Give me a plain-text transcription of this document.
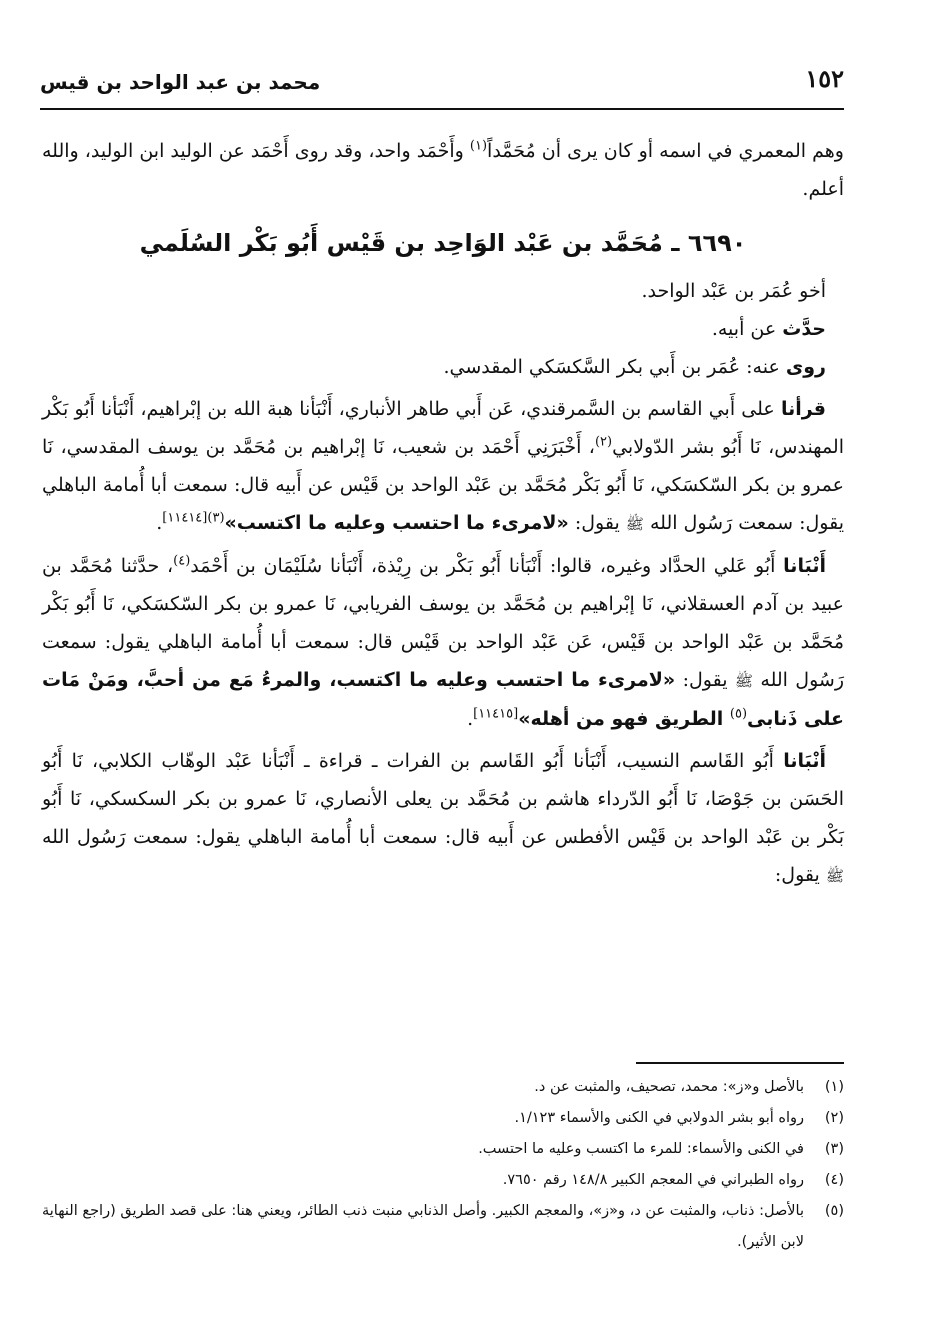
١٥٢
محمد بن عبد الواحد بن قيس

وهم المعمري في اسمه أو كان يرى أن مُحَمَّداً$^{(١)}$ وأَحْمَد واحد، وقد روى أَحْمَد عن الوليد ابن الوليد، والله أعلم.

٦٦٩٠ ـ مُحَمَّد بن عَبْد الوَاحِد بن قَيْس أَبُو بَكْر السُلَمي

أخو عُمَر بن عَبْد الواحد.

حدَّث عن أبيه.

روى عنه: عُمَر بن أَبي بكر السَّكسَكي المقدسي.

قرأنا على أَبي القاسم بن السَّمرقندي، عَن أَبي طاهر الأنباري، أَنْبَأنا هبة الله بن إبْراهيم، أَنْبَأنا أَبُو بَكْر المهندس، نَا أَبُو بشر الدّولابي$^{(٢)}$، أَخْبَرَنِي أَحْمَد بن شعيب، نَا إبْراهيم بن مُحَمَّد بن يوسف المقدسي، نَا عمرو بن بكر السّكسَكي، نَا أَبُو بَكْر مُحَمَّد بن عَبْد الواحد بن قَيْس عن أَبيه قال: سمعت أبا أُمامة الباهلي يقول: سمعت رَسُول الله ﷺ يقول: «لامرىء ما احتسب وعليه ما اكتسب»$^{(٣)[١١٤١٤]}$.

أَنْبَانا أَبُو عَلي الحدَّاد وغيره، قالوا: أَنْبَأنا أَبُو بَكْر بن رِيْذة، أَنْبَأنا سُلَيْمَان بن أَحْمَد$^{(٤)}$، حدَّثنا مُحَمَّد بن عبيد بن آدم العسقلاني، نَا إبْراهيم بن مُحَمَّد بن يوسف الفريابي، نَا عمرو بن بكر السّكسَكي، نَا أَبُو بَكْر مُحَمَّد بن عَبْد الواحد بن قَيْس، عَن عَبْد الواحد بن قَيْس قال: سمعت أبا أُمامة الباهلي يقول: سمعت رَسُول الله ﷺ يقول: «لامرىء ما احتسب وعليه ما اكتسب، والمرءُ مَع من أحبَّ، ومَنْ مَات على ذَنابى$^{(٥)}$ الطريق فهو من أهله»[١١٤١٥].

أَنْبَانا أَبُو القَاسم النسيب، أَنْبَأنا أَبُو القَاسم بن الفرات ـ قراءة ـ أَنْبَأنا عَبْد الوهّاب الكلابي، نَا أَبُو الحَسَن بن جَوْصَا، نَا أَبُو الدّرداء هاشم بن مُحَمَّد بن يعلى الأنصاري، نَا عمرو بن بكر السكسكي، نَا أَبُو بَكْر بن عَبْد الواحد بن قَيْس الأفطس عن أَبيه قال: سمعت أبا أُمامة الباهلي يقول: سمعت رَسُول الله ﷺ يقول:

(١)
بالأصل و«ز»: محمد، تصحيف، والمثبت عن د.
(٢)
رواه أبو بشر الدولابي في الكنى والأسماء ١/١٢٣.
(٣)
في الكنى والأسماء: للمرء ما اكتسب وعليه ما احتسب.
(٤)
رواه الطبراني في المعجم الكبير ١٤٨/٨ رقم ٧٦٥٠.
(٥)
بالأصل: ذناب، والمثبت عن د، و«ز»، والمعجم الكبير. وأصل الذنابي منبت ذنب الطائر، ويعني هنا: على قصد الطريق (راجع النهاية لابن الأثير).
